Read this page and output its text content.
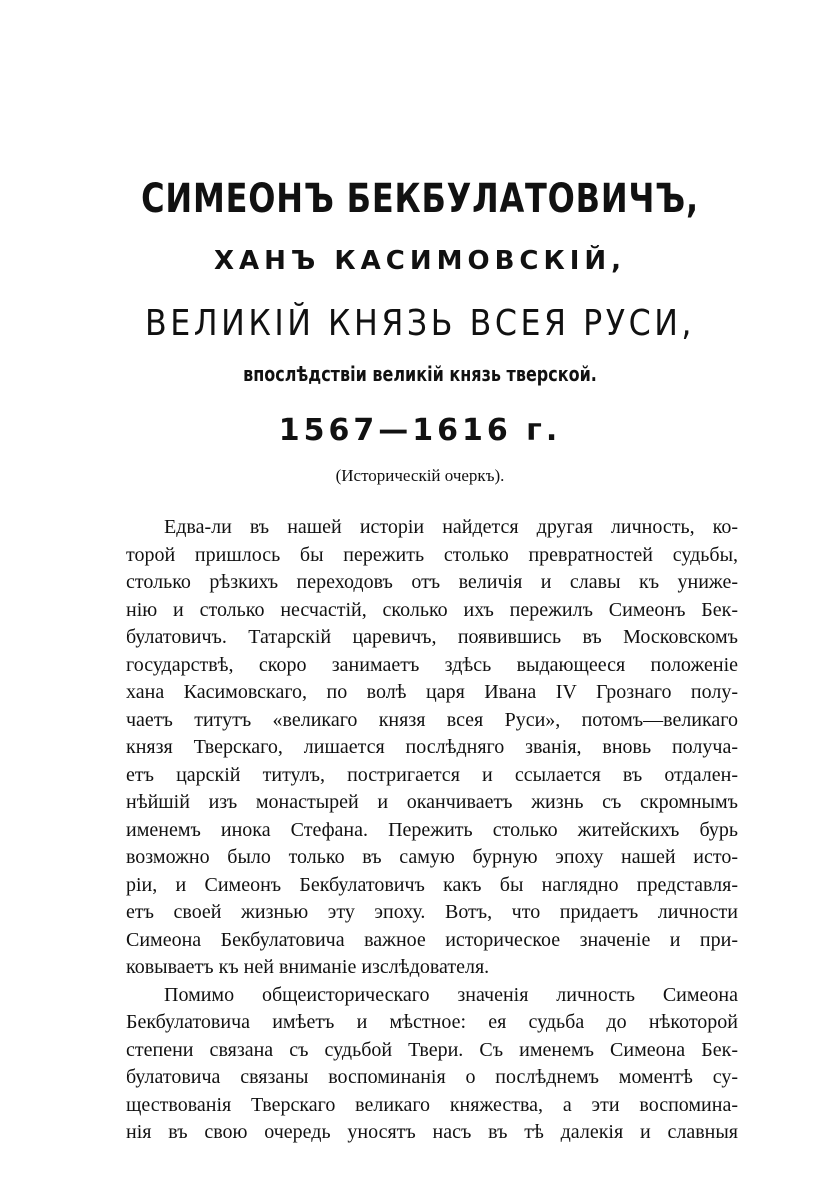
СИМЕОНЪ БЕКБУЛАТОВИЧЪ,
ХАНЪ КАСИМОВСКІЙ,
ВЕЛИКІЙ КНЯЗЬ ВСЕЯ РУСИ,
впослѣдствіи великій князь тверской.
1567—1616 г.
(Историческій очеркъ).
Едва-ли въ нашей исторіи найдется другая личность, ко-
торой пришлось бы пережить столько превратностей судьбы,
столько рѣзкихъ переходовъ отъ величія и славы къ униже-
нію и столько несчастій, сколько ихъ пережилъ Симеонъ Бек-
булатовичъ. Татарскій царевичъ, появившись въ Московскомъ
государствѣ, скоро занимаетъ здѣсь выдающееся положеніе
хана Касимовскаго, по волѣ царя Ивана IV Грознаго полу-
чаетъ титутъ «великаго князя всея Руси», потомъ—великаго
князя Тверскаго, лишается послѣдняго званія, вновь получа-
етъ царскій титулъ, постригается и ссылается въ отдален-
нѣйшій изъ монастырей и оканчиваетъ жизнь съ скромнымъ
именемъ инока Стефана. Пережить столько житейскихъ бурь
возможно было только въ самую бурную эпоху нашей исто-
ріи, и Симеонъ Бекбулатовичъ какъ бы наглядно представля-
етъ своей жизнью эту эпоху. Вотъ, что придаетъ личности
Симеона Бекбулатовича важное историческое значеніе и при-
ковываетъ къ ней вниманіе изслѣдователя.
Помимо общеисторическаго значенія личность Симеона
Бекбулатовича имѣетъ и мѣстное: ея судьба до нѣкоторой
степени связана съ судьбой Твери. Съ именемъ Симеона Бек-
булатовича связаны воспоминанія о послѣднемъ моментѣ су-
ществованія Тверскаго великаго княжества, а эти воспомина-
нія въ свою очередь уносятъ насъ въ тѣ далекія и славныя
